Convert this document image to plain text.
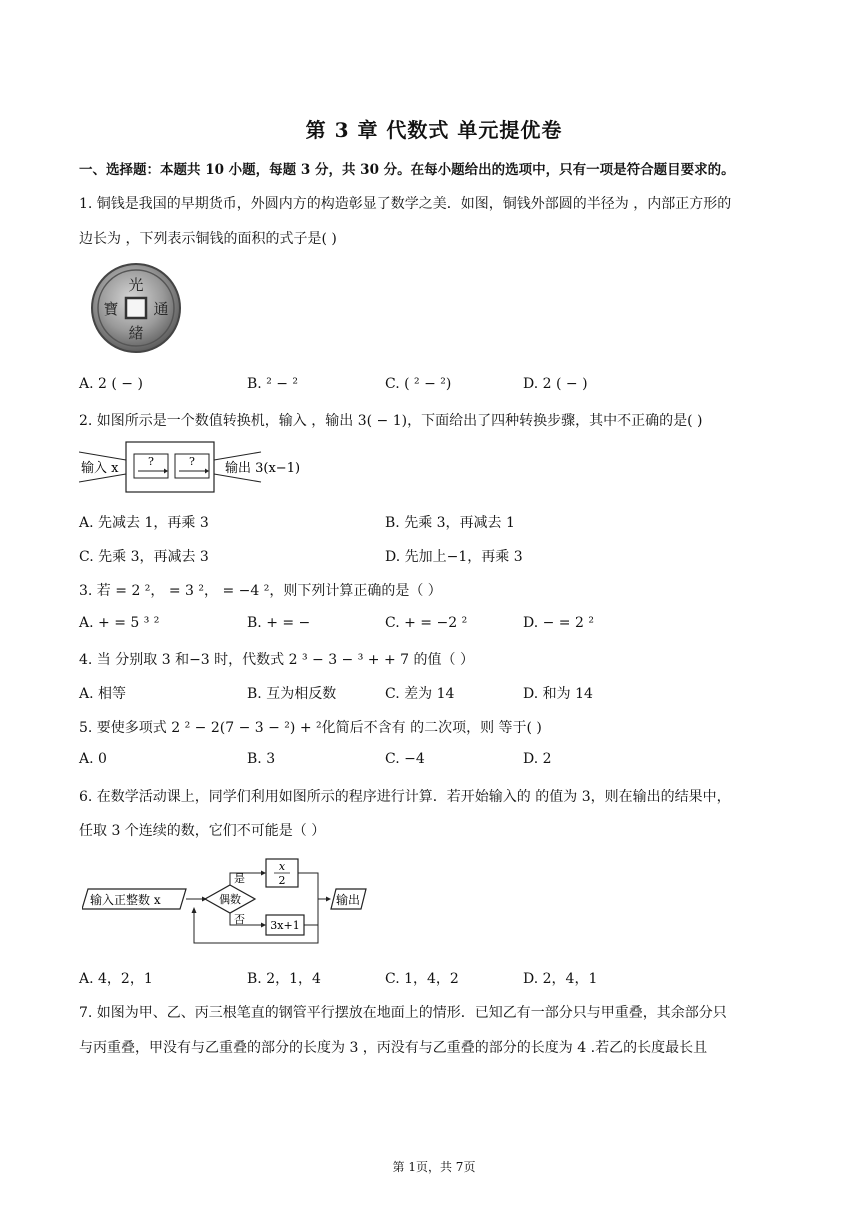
第 3 章 代数式 单元提优卷
一、选择题：本题共 10 小题，每题 3 分，共 30 分。在每小题给出的选项中，只有一项是符合题目要求的。
1. 铜钱是我国的早期货币，外圆内方的构造彰显了数学之美．如图，铜钱外部圆的半径为 ，内部正方形的
边长为 ，下列表示铜钱的面积的式子是( )
光
緒
通
寶
A. 2 ( − )	B. ² − ²	C. ( ² − ²)	D. 2 ( − )
2. 如图所示是一个数值转换机，输入 ，输出 3( − 1)，下面给出了四种转换步骤，其中不正确的是( )
?	?
输入 x	输出 3(x−1)
A. 先减去 1，再乘 3	B. 先乘 3，再减去 1
C. 先乘 3，再减去 3	D. 先加上−1，再乘 3
3. 若 = 2 ²， = 3 ²， = −4 ²，则下列计算正确的是（ ）
A. + = 5 ³ ²	B. + = −	C. + = −2 ²	D. − = 2 ²
4. 当 分别取 3 和−3 时，代数式 2 ³ − 3 − ³ + + 7 的值（ ）
A. 相等	B. 互为相反数	C. 差为 14	D. 和为 14
5. 要使多项式 2 ² − 2(7 − 3 − ²) + ²化简后不含有 的二次项，则 等于( )
A. 0	B. 3	C. −4	D. 2
6. 在数学活动课上，同学们利用如图所示的程序进行计算．若开始输入的 的值为 3，则在输出的结果中，
任取 3 个连续的数，它们不可能是（ ）
输入正整数 x	偶数
是
x
2
否 3x+1
输出
A. 4，2，1	B. 2，1，4	C. 1，4，2	D. 2，4，1
7. 如图为甲、乙、丙三根笔直的钢管平行摆放在地面上的情形．已知乙有一部分只与甲重叠，其余部分只
与丙重叠，甲没有与乙重叠的部分的长度为 3 ，丙没有与乙重叠的部分的长度为 4 .若乙的长度最长且
第 1页，共 7页
